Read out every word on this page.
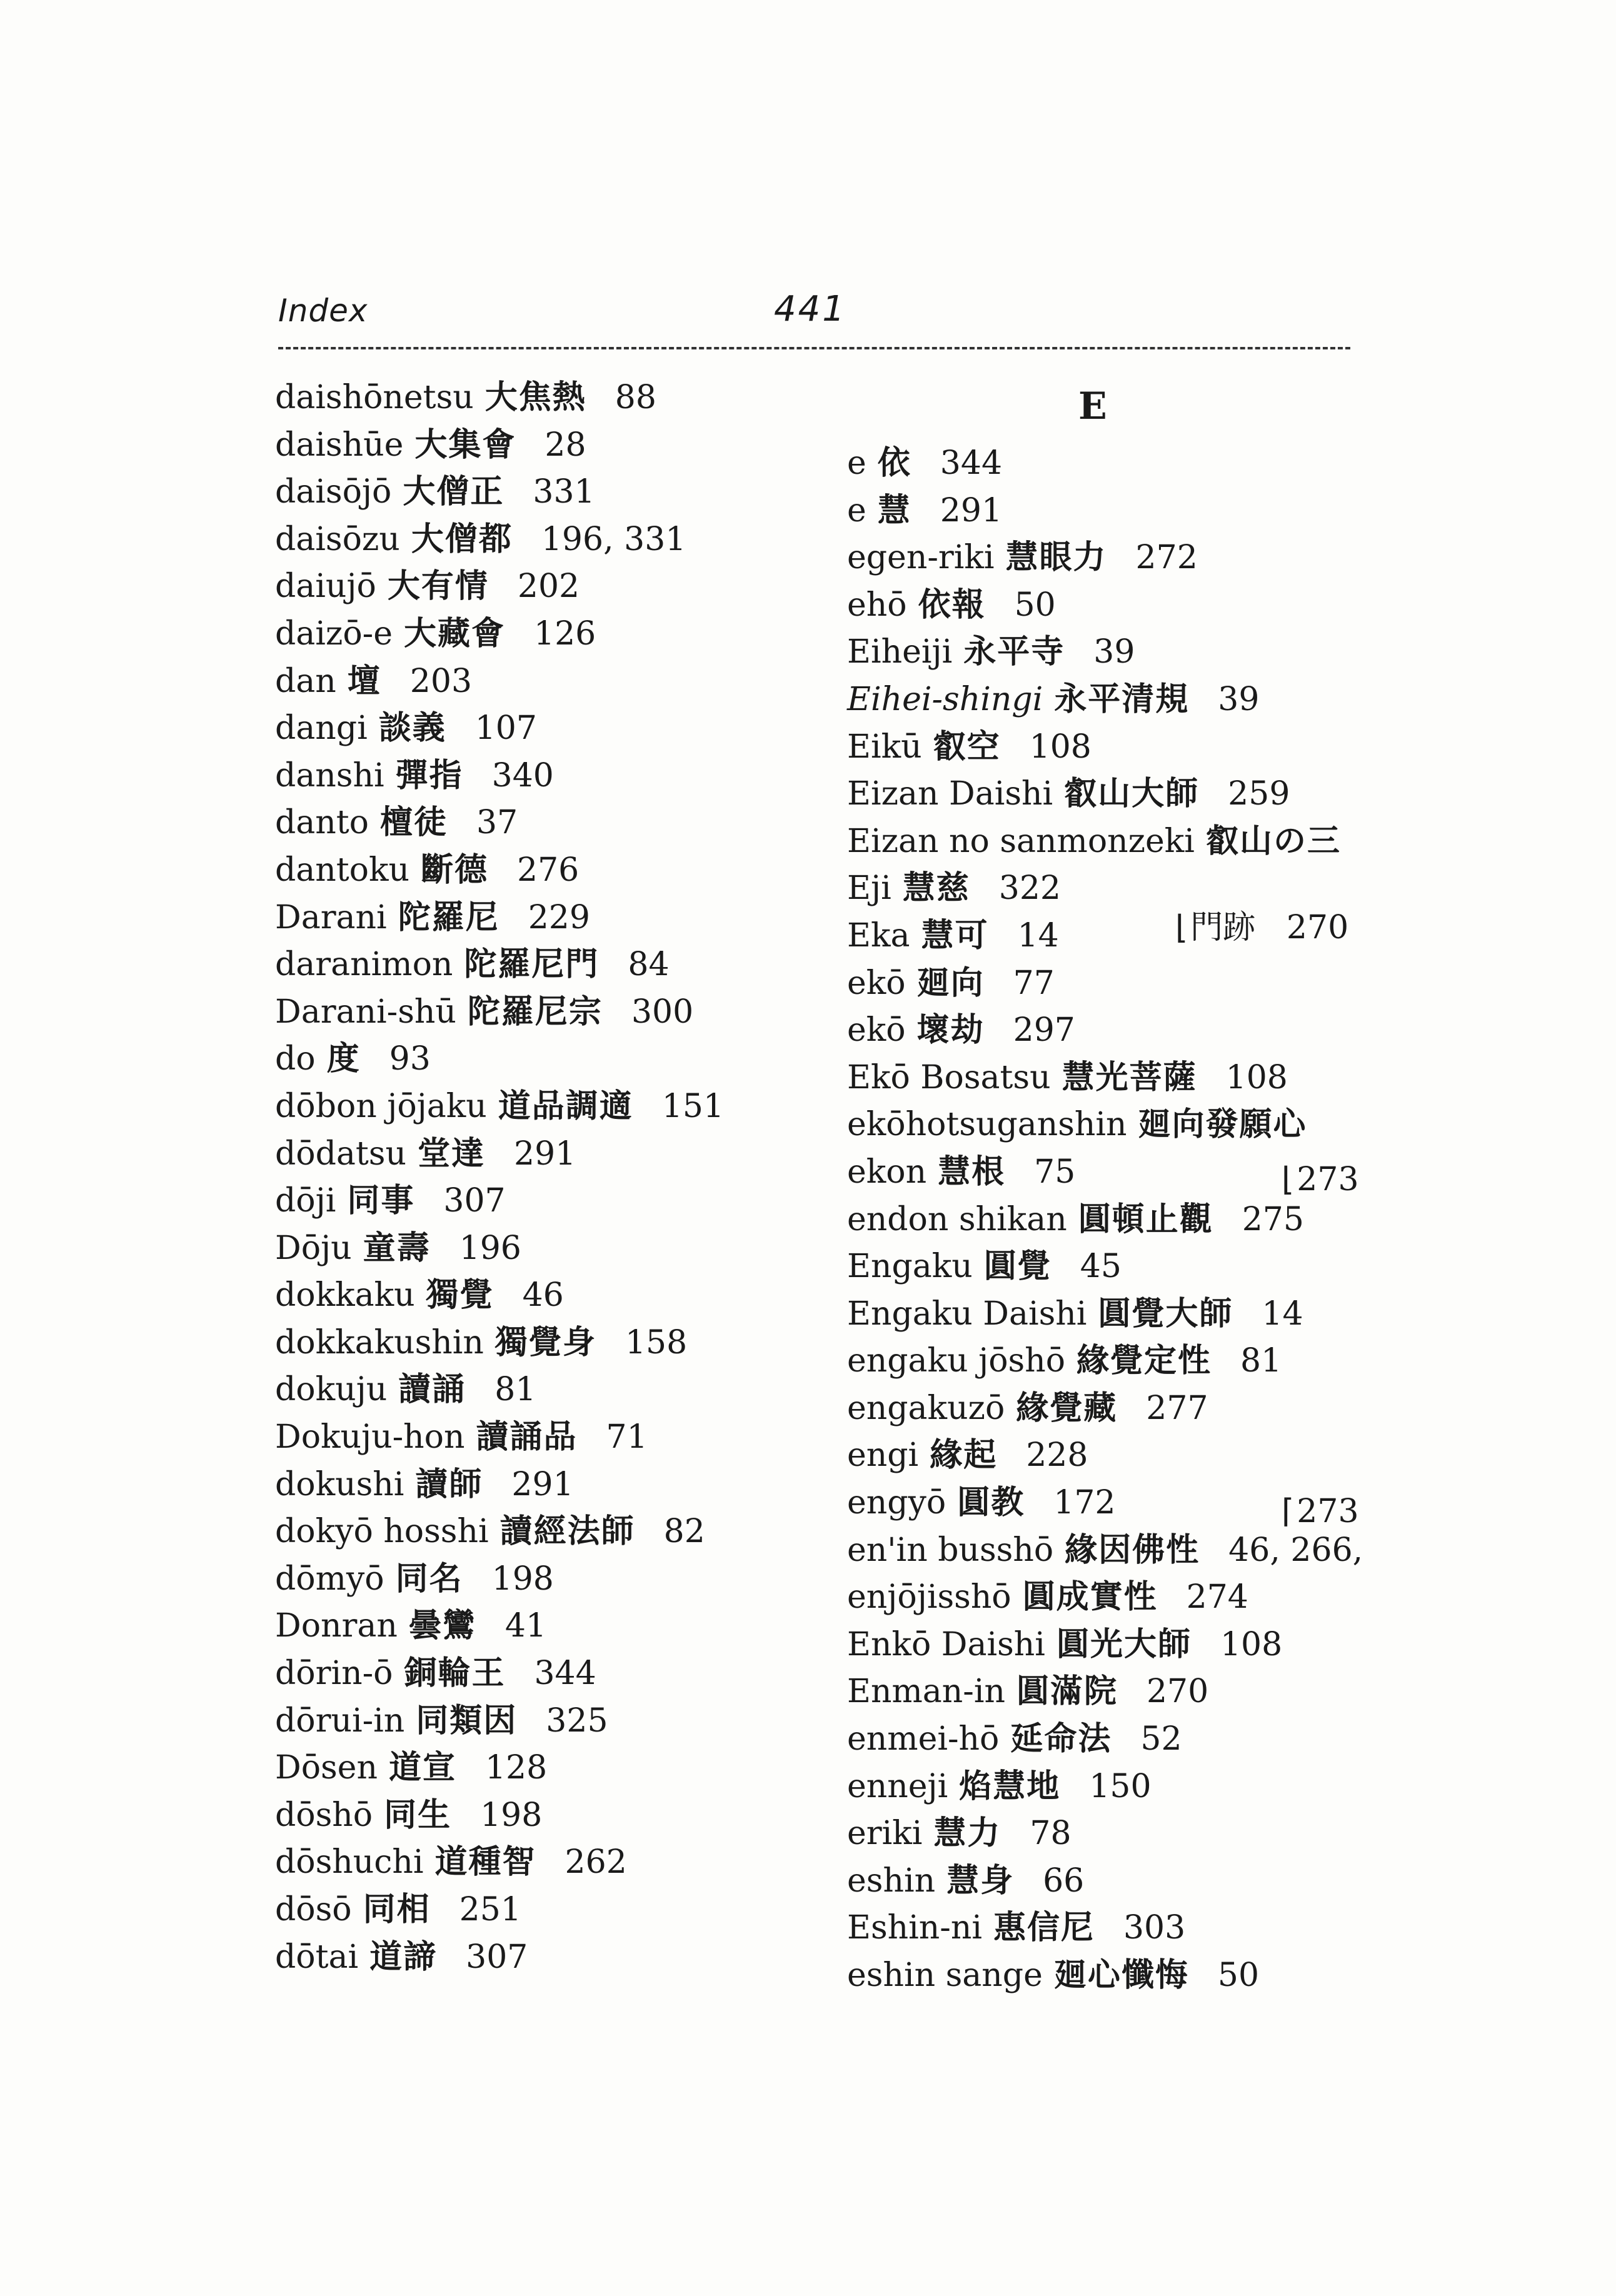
Index	441
daishōnetsu 大焦熱 88
daishūe 大集會 28
daisōjō 大僧正 331
daisōzu 大僧都 196, 331
daiujō 大有情 202
daizō-e 大藏會 126
dan 壇 203
dangi 談義 107
danshi 彈指 340
danto 檀徒 37
dantoku 斷德 276
Darani 陀羅尼 229
daranimon 陀羅尼門 84
Darani-shū 陀羅尼宗 300
do 度 93
dōbon jōjaku 道品調適 151
dōdatsu 堂達 291
dōji 同事 307
Dōju 童壽 196
dokkaku 獨覺 46
dokkakushin 獨覺身 158
dokuju 讀誦 81
Dokuju-hon 讀誦品 71
dokushi 讀師 291
dokyō hosshi 讀經法師 82
dōmyō 同名 198
Donran 曇鸞 41
dōrin-ō 銅輪王 344
dōrui-in 同類因 325
Dōsen 道宣 128
dōshō 同生 198
dōshuchi 道種智 262
dōsō 同相 251
dōtai 道諦 307
E
e 依 344
e 慧 291
egen-riki 慧眼力 272
ehō 依報 50
Eiheiji 永平寺 39
Eihei-shingi 永平清規 39
Eikū 叡空 108
Eizan Daishi 叡山大師 259
Eizan no sanmonzeki 叡山の三
Eji 慧慈 322
Eka 慧可 14
ekō 廻向 77
ekō 壞劫 297
Ekō Bosatsu 慧光菩薩 108
ekōhotsuganshin 廻向發願心
ekon 慧根 75
endon shikan 圓頓止觀 275
Engaku 圓覺 45
Engaku Daishi 圓覺大師 14
engaku jōshō 緣覺定性 81
engakuzō 緣覺藏 277
engi 緣起 228
engyō 圓教 172
en'in busshō 緣因佛性 46, 266,
enjōjisshō 圓成實性 274
Enkō Daishi 圓光大師 108
Enman-in 圓滿院 270
enmei-hō 延命法 52
enneji 焰慧地 150
eriki 慧力 78
eshin 慧身 66
Eshin-ni 惠信尼 303
eshin sange 廻心懺悔 50
⌊門跡 270
⌊273
⌈273
